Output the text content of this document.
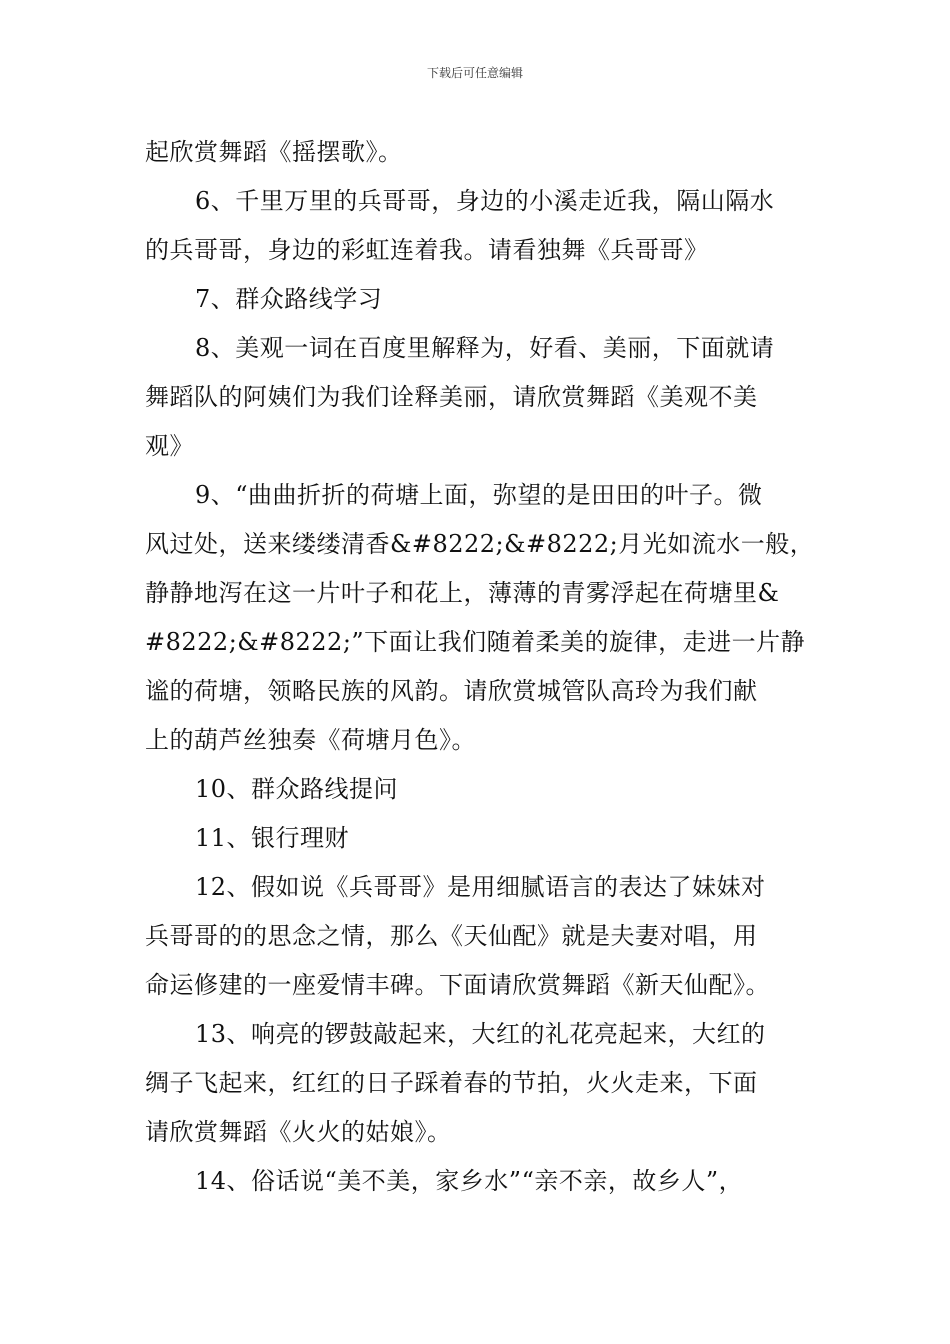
下载后可任意编辑

起欣赏舞蹈《摇摆歌》。

6、千里万里的兵哥哥，身边的小溪走近我，隔山隔水
的兵哥哥，身边的彩虹连着我。请看独舞《兵哥哥》

7、群众路线学习

8、美观一词在百度里解释为，好看、美丽，下面就请
舞蹈队的阿姨们为我们诠释美丽，请欣赏舞蹈《美观不美
观》

9、“曲曲折折的荷塘上面，弥望的是田田的叶子。微
风过处，送来缕缕清香&#8222;&#8222;月光如流水一般，
静静地泻在这一片叶子和花上，薄薄的青雾浮起在荷塘里&
#8222;&#8222;”下面让我们随着柔美的旋律，走进一片静
谧的荷塘，领略民族的风韵。请欣赏城管队高玲为我们献
上的葫芦丝独奏《荷塘月色》。

10、群众路线提问

11、银行理财

12、假如说《兵哥哥》是用细腻语言的表达了妹妹对
兵哥哥的的思念之情，那么《天仙配》就是夫妻对唱，用
命运修建的一座爱情丰碑。下面请欣赏舞蹈《新天仙配》。

13、响亮的锣鼓敲起来，大红的礼花亮起来，大红的
绸子飞起来，红红的日子踩着春的节拍，火火走来，下面
请欣赏舞蹈《火火的姑娘》。

14、俗话说“美不美，家乡水”“亲不亲，故乡人”，
